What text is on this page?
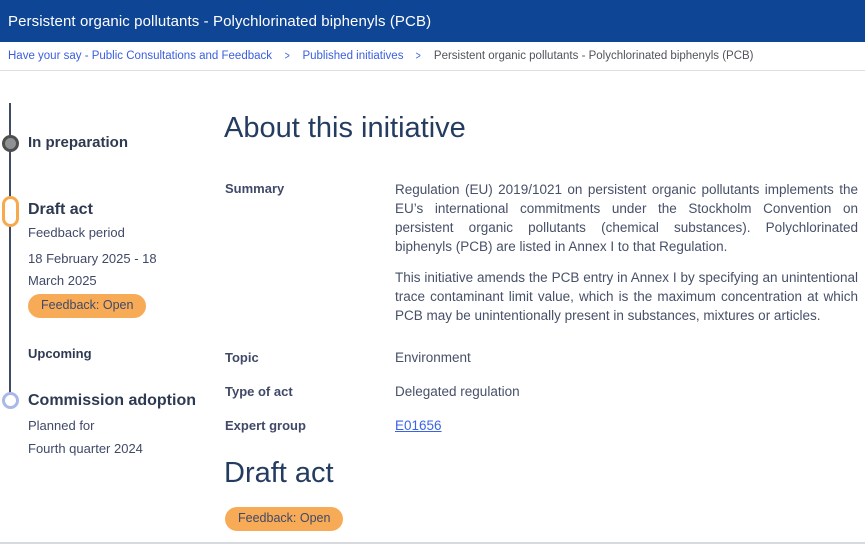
Persistent organic pollutants - Polychlorinated biphenyls (PCB)
Have your say - Public Consultations and Feedback > Published initiatives > Persistent organic pollutants - Polychlorinated biphenyls (PCB)
In preparation
Draft act
Feedback period
18 February 2025 - 18 March 2025
Feedback: Open
Upcoming
Commission adoption
Planned for
Fourth quarter 2024
About this initiative
Summary	Regulation (EU) 2019/1021 on persistent organic pollutants implements the EU’s international commitments under the Stockholm Convention on persistent organic pollutants (chemical substances). Polychlorinated biphenyls (PCB) are listed in Annex I to that Regulation.

This initiative amends the PCB entry in Annex I by specifying an unintentional trace contaminant limit value, which is the maximum concentration at which PCB may be unintentionally present in substances, mixtures or articles.

Topic	Environment
Type of act	Delegated regulation
Expert group	E01656
Draft act
Feedback: Open
